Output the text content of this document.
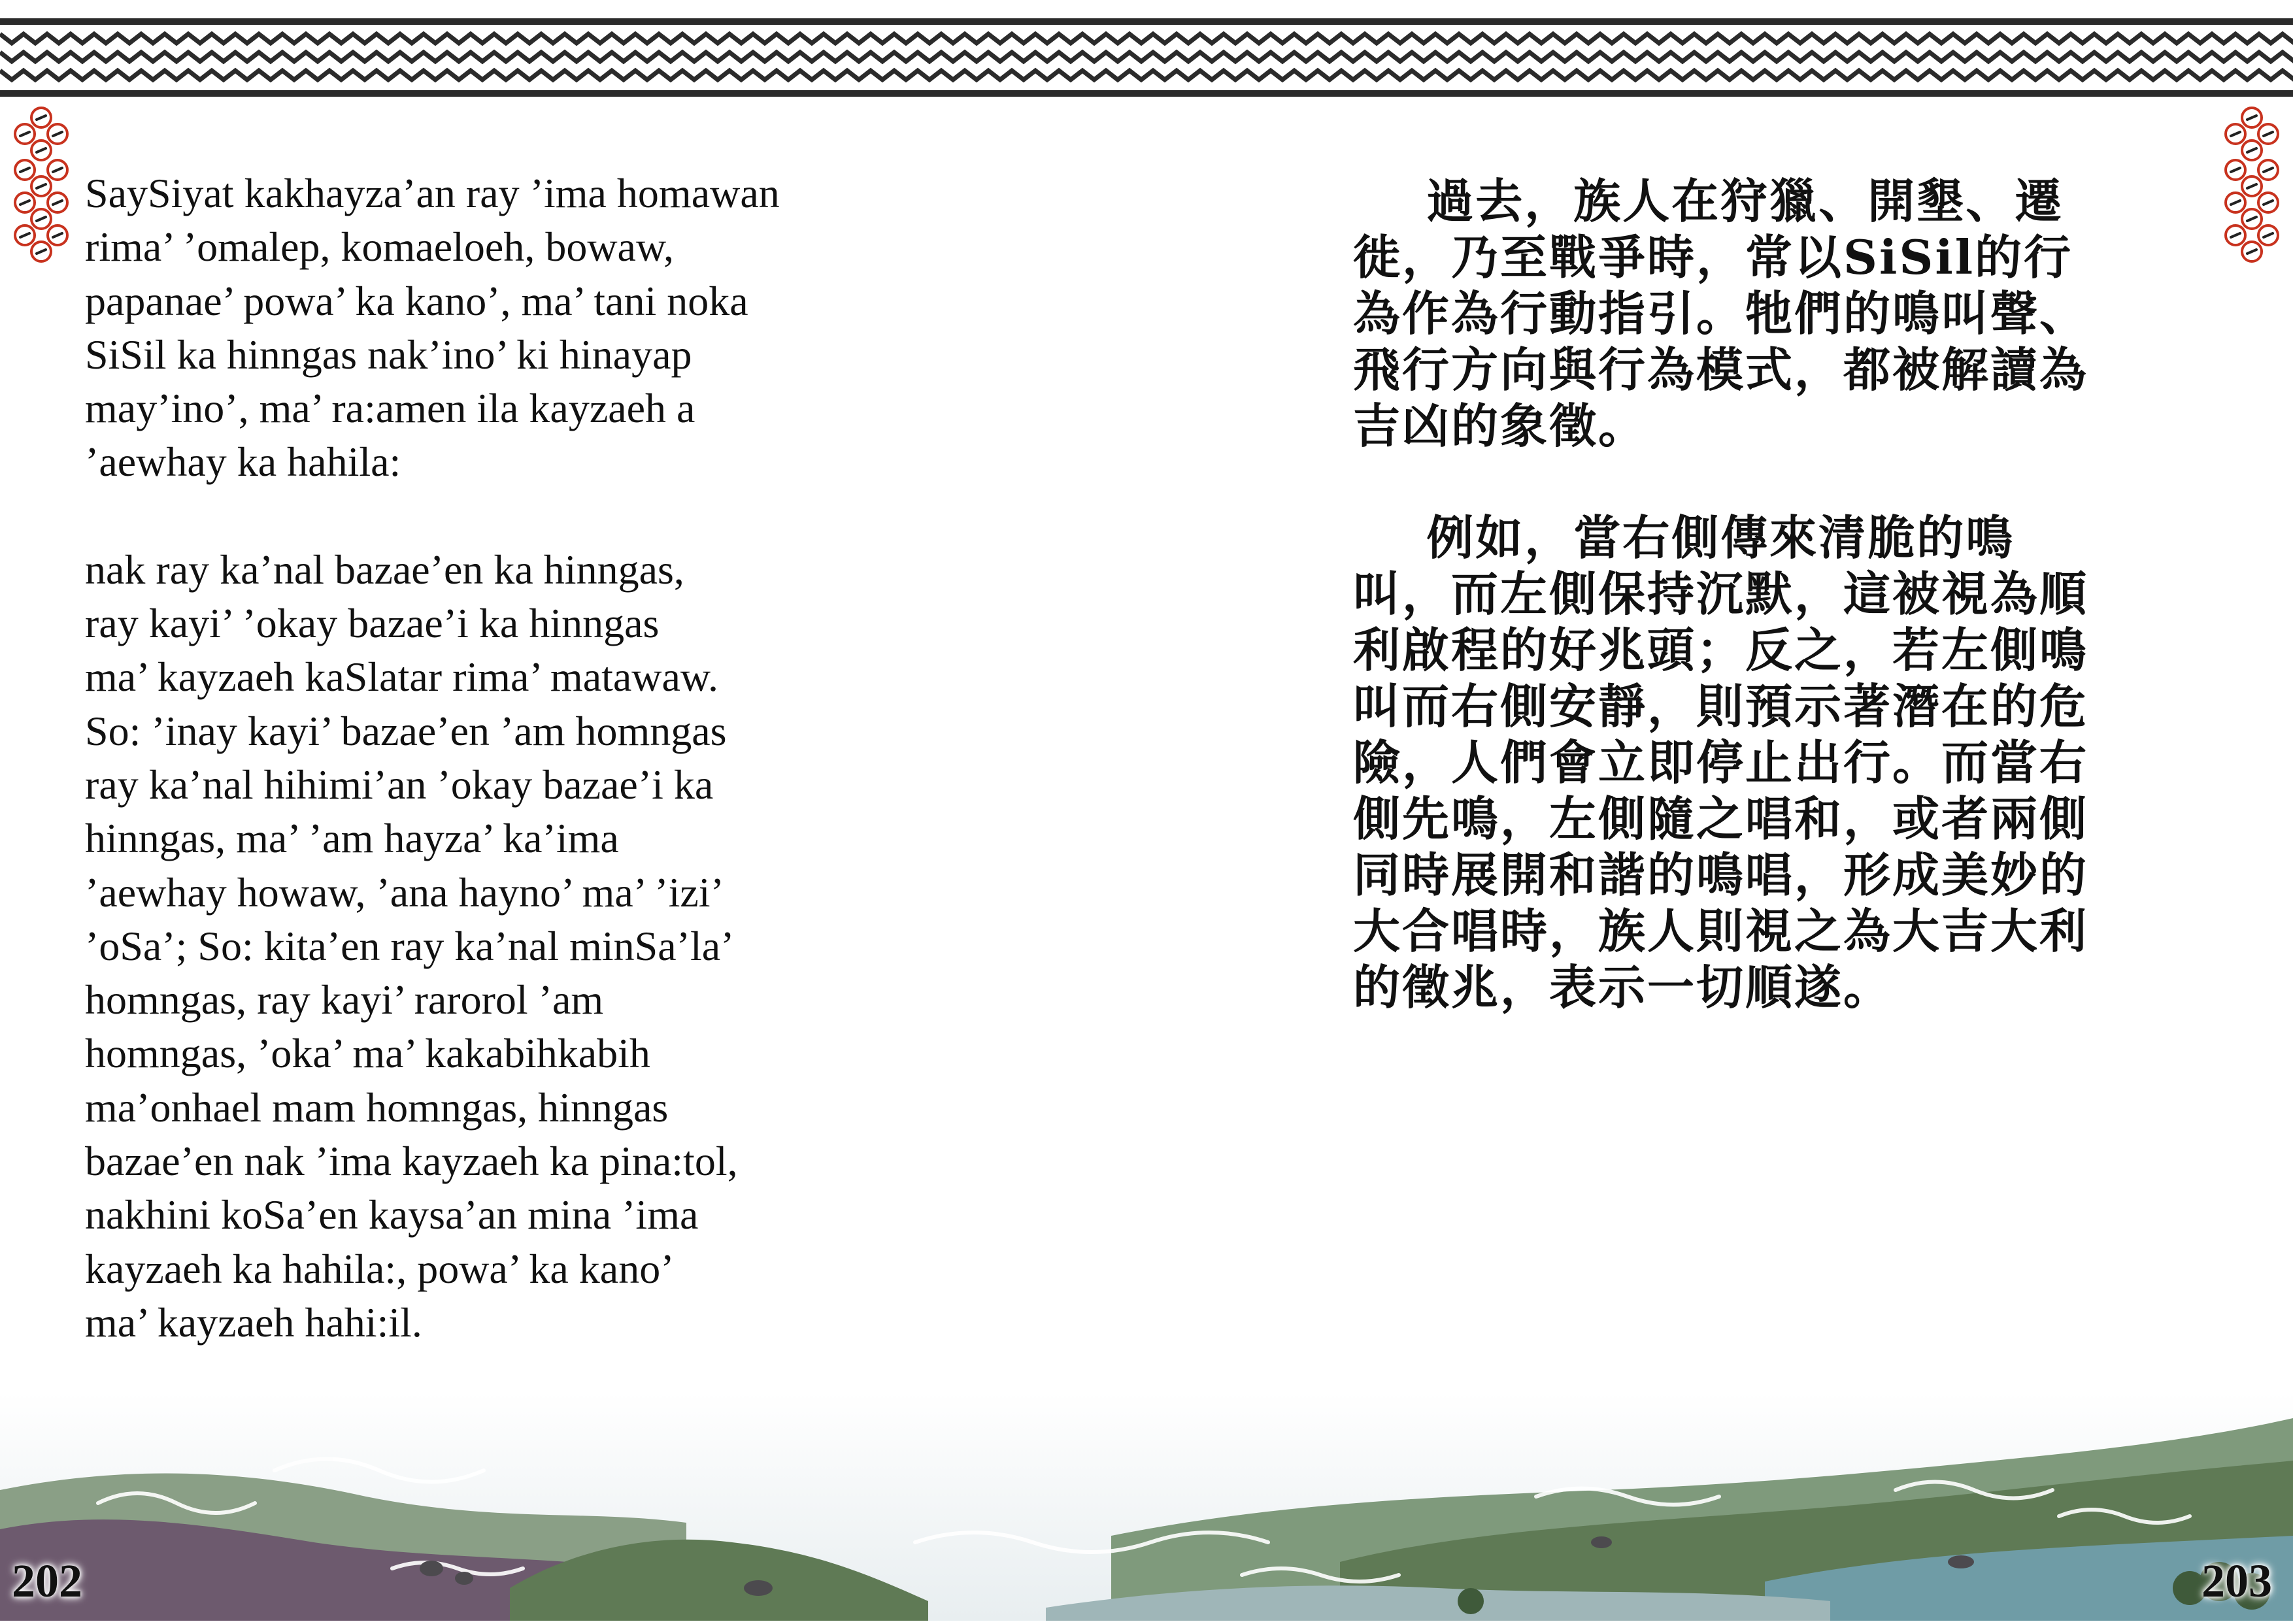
SaySiyat kakhayza’an ray ’ima homawan
rima’ ’omalep, komaeloeh, bowaw,
papanae’ powa’ ka kano’, ma’ tani noka
SiSil ka hinngas nak’ino’ ki hinayap
may’ino’, ma’ ra:amen ila kayzaeh a
’aewhay ka hahila:

nak ray ka’nal bazae’en ka hinngas,
ray kayi’ ’okay bazae’i ka hinngas
ma’ kayzaeh kaSlatar rima’ matawaw.
So: ’inay kayi’ bazae’en ’am homngas
ray ka’nal hihimi’an ’okay bazae’i ka
hinngas, ma’ ’am hayza’ ka’ima
’aewhay howaw, ’ana hayno’ ma’ ’izi’
’oSa’; So: kita’en ray ka’nal minSa’la’
homngas, ray kayi’ rarorol ’am
homngas, ’oka’ ma’ kakabihkabih
ma’onhael mam homngas, hinngas
bazae’en nak ’ima kayzaeh ka pina:tol,
nakhini koSa’en kaysa’an mina ’ima
kayzaeh ka hahila:, powa’ ka kano’
ma’ kayzaeh hahi:il.

過去，族人在狩獵、開墾、遷
徙，乃至戰爭時，常以SiSil的行
為作為行動指引。牠們的鳴叫聲、
飛行方向與行為模式，都被解讀為
吉凶的象徵。

例如，當右側傳來清脆的鳴
叫，而左側保持沉默，這被視為順
利啟程的好兆頭；反之，若左側鳴
叫而右側安靜，則預示著潛在的危
險，人們會立即停止出行。而當右
側先鳴，左側隨之唱和，或者兩側
同時展開和諧的鳴唱，形成美妙的
大合唱時，族人則視之為大吉大利
的徵兆，表示一切順遂。

202	203
